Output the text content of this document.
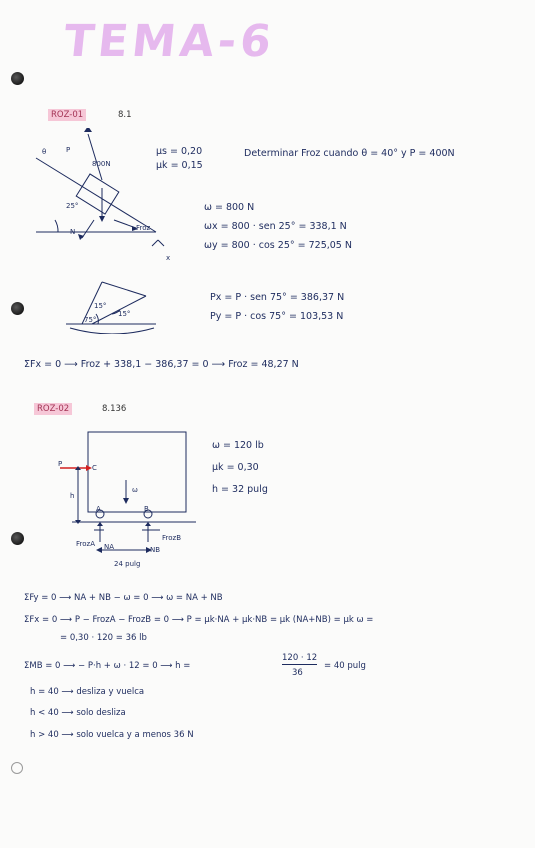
TEMA-6
ROZ-01	8.1
θ	P
800N
25°
N	Froz
x
μs = 0,20
μk = 0,15
Determinar Froz cuando θ = 40° y P = 400N
ω = 800 N
ωx = 800 · sen 25° = 338,1 N
ωy = 800 · cos 25° = 725,05 N
15°
75°
15°
Px = P · sen 75° = 386,37 N
Py = P · cos 75° = 103,53 N
ΣFx = 0 ⟶ Froz + 338,1 − 386,37 = 0 ⟶ Froz = 48,27 N
ROZ-02	8.136
P	C
h
ω
A	B
FrozA NA	NB
FrozB
24 pulg
ω = 120 lb
μk = 0,30
h = 32 pulg
ΣFy = 0 ⟶ NA + NB − ω = 0 ⟶ ω = NA + NB
ΣFx = 0 ⟶ P − FrozA − FrozB = 0 ⟶ P = μk·NA + μk·NB = μk (NA+NB) = μk ω =
= 0,30 · 120 = 36 lb
ΣMB = 0 ⟶ − P·h + ω · 12 = 0 ⟶ h =
120 · 12
36
= 40 pulg
h = 40 ⟶ desliza y vuelca
h < 40 ⟶ solo desliza
h > 40 ⟶ solo vuelca y a menos 36 N
